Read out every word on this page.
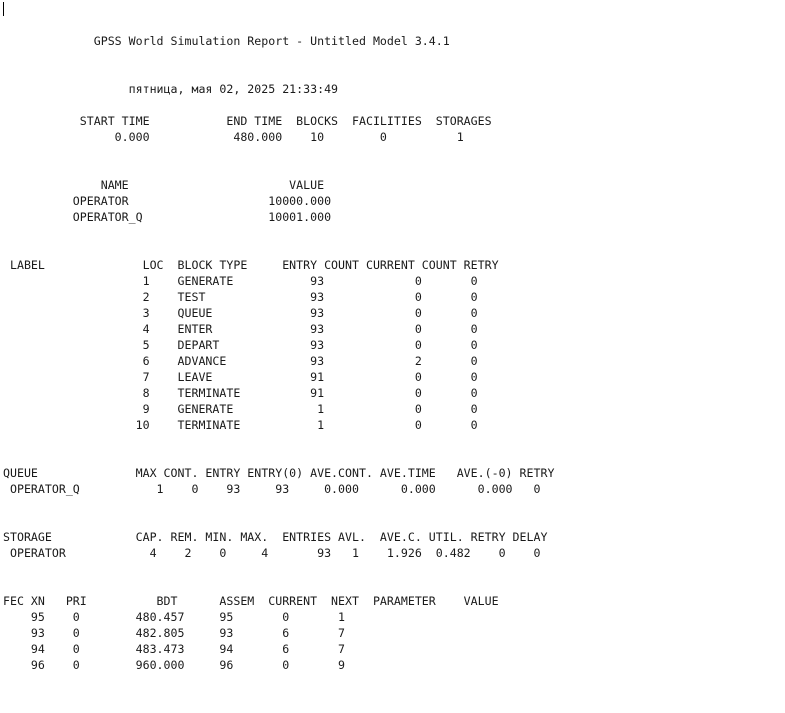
GPSS World Simulation Report - Untitled Model 3.4.1
пятница, мая 02, 2025 21:33:49
START TIME           END TIME  BLOCKS  FACILITIES  STORAGES
0.000            480.000    10        0          1
NAME                       VALUE
OPERATOR                    10000.000
OPERATOR_Q                  10001.000
LABEL              LOC  BLOCK TYPE     ENTRY COUNT CURRENT COUNT RETRY
1    GENERATE           93             0       0
2    TEST               93             0       0
3    QUEUE              93             0       0
4    ENTER              93             0       0
5    DEPART             93             0       0
6    ADVANCE            93             2       0
7    LEAVE              91             0       0
8    TERMINATE          91             0       0
9    GENERATE            1             0       0
10    TERMINATE           1             0       0
QUEUE              MAX CONT. ENTRY ENTRY(0) AVE.CONT. AVE.TIME   AVE.(-0) RETRY
OPERATOR_Q           1    0    93     93     0.000      0.000      0.000   0
STORAGE            CAP. REM. MIN. MAX.  ENTRIES AVL.  AVE.C. UTIL. RETRY DELAY
OPERATOR            4    2    0     4       93   1    1.926  0.482    0    0
FEC XN   PRI          BDT      ASSEM  CURRENT  NEXT  PARAMETER    VALUE
95    0        480.457     95       0       1
93    0        482.805     93       6       7
94    0        483.473     94       6       7
96    0        960.000     96       0       9
